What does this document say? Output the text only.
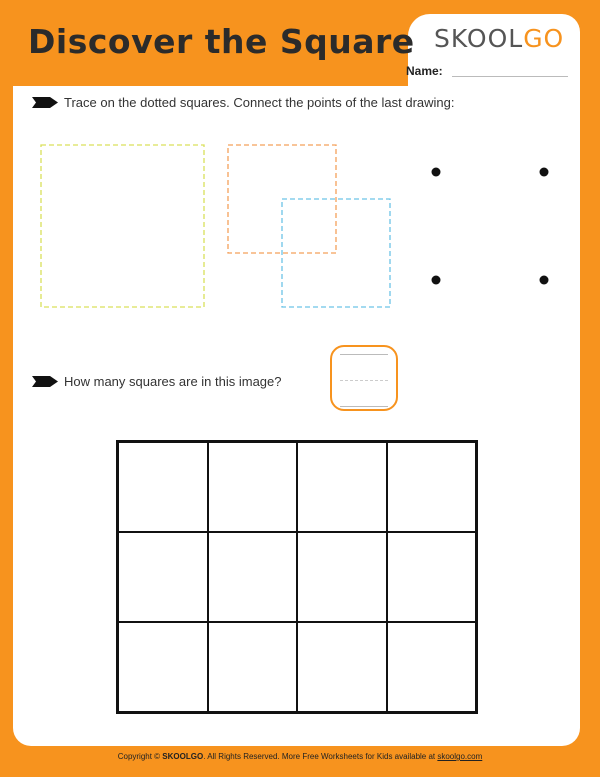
Discover the Square SKOOLGO
Name:
Trace on the dotted squares. Connect the points of the last drawing:
How many squares are in this image?
Copyright © SKOOLGO. All Rights Reserved. More Free Worksheets for Kids available at skoolgo.com
